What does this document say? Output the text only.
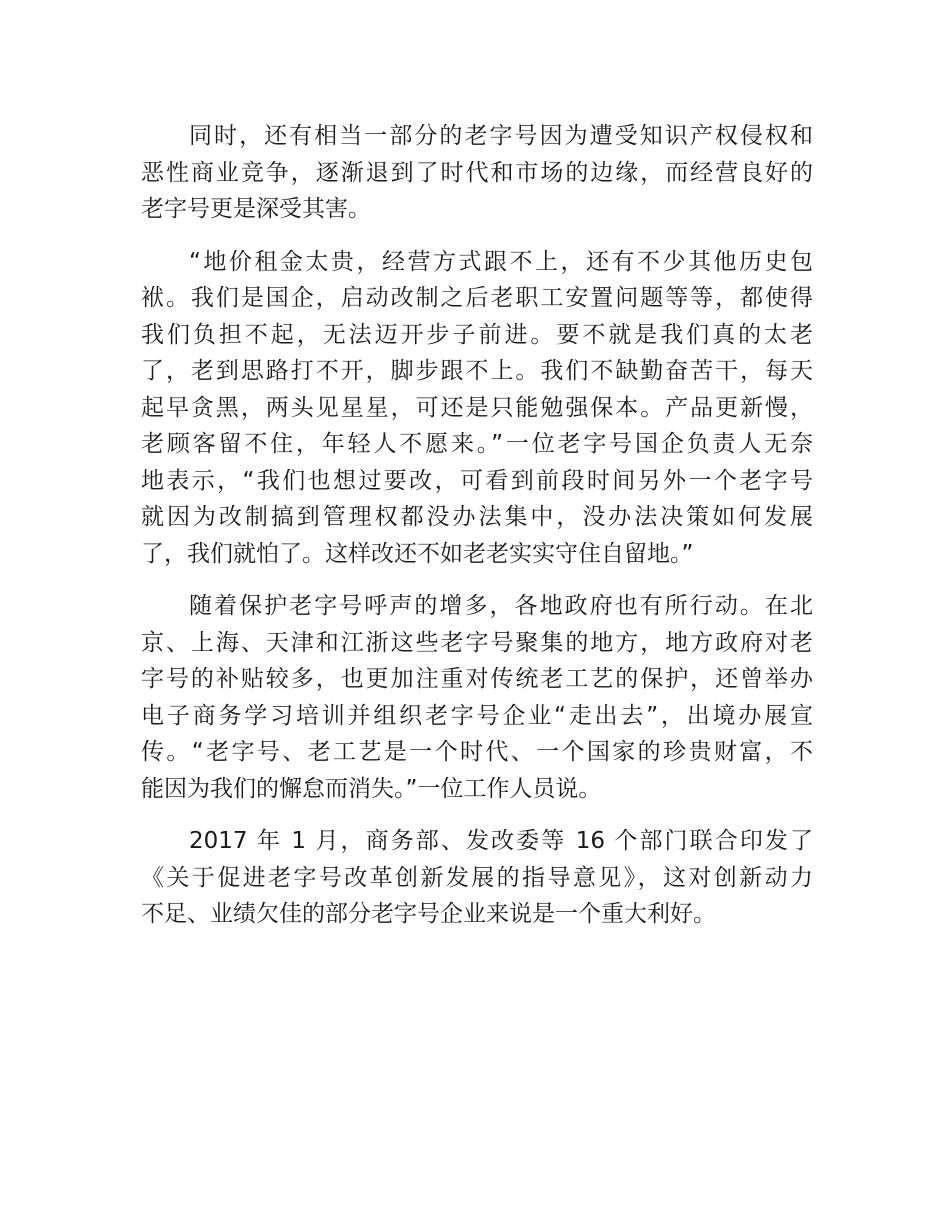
同时，还有相当一部分的老字号因为遭受知识产权侵权和
恶性商业竞争，逐渐退到了时代和市场的边缘，而经营良好的
老字号更是深受其害。

“地价租金太贵，经营方式跟不上，还有不少其他历史包
袱。我们是国企，启动改制之后老职工安置问题等等，都使得
我们负担不起，无法迈开步子前进。要不就是我们真的太老
了，老到思路打不开，脚步跟不上。我们不缺勤奋苦干，每天
起早贪黑，两头见星星，可还是只能勉强保本。产品更新慢，
老顾客留不住，年轻人不愿来。”一位老字号国企负责人无奈
地表示，“我们也想过要改，可看到前段时间另外一个老字号
就因为改制搞到管理权都没办法集中，没办法决策如何发展
了，我们就怕了。这样改还不如老老实实守住自留地。”

随着保护老字号呼声的增多，各地政府也有所行动。在北
京、上海、天津和江浙这些老字号聚集的地方，地方政府对老
字号的补贴较多，也更加注重对传统老工艺的保护，还曾举办
电子商务学习培训并组织老字号企业“走出去”，出境办展宣
传。“老字号、老工艺是一个时代、一个国家的珍贵财富，不
能因为我们的懈怠而消失。”一位工作人员说。

2017 年 1 月，商务部、发改委等 16 个部门联合印发了
《关于促进老字号改革创新发展的指导意见》，这对创新动力
不足、业绩欠佳的部分老字号企业来说是一个重大利好。
